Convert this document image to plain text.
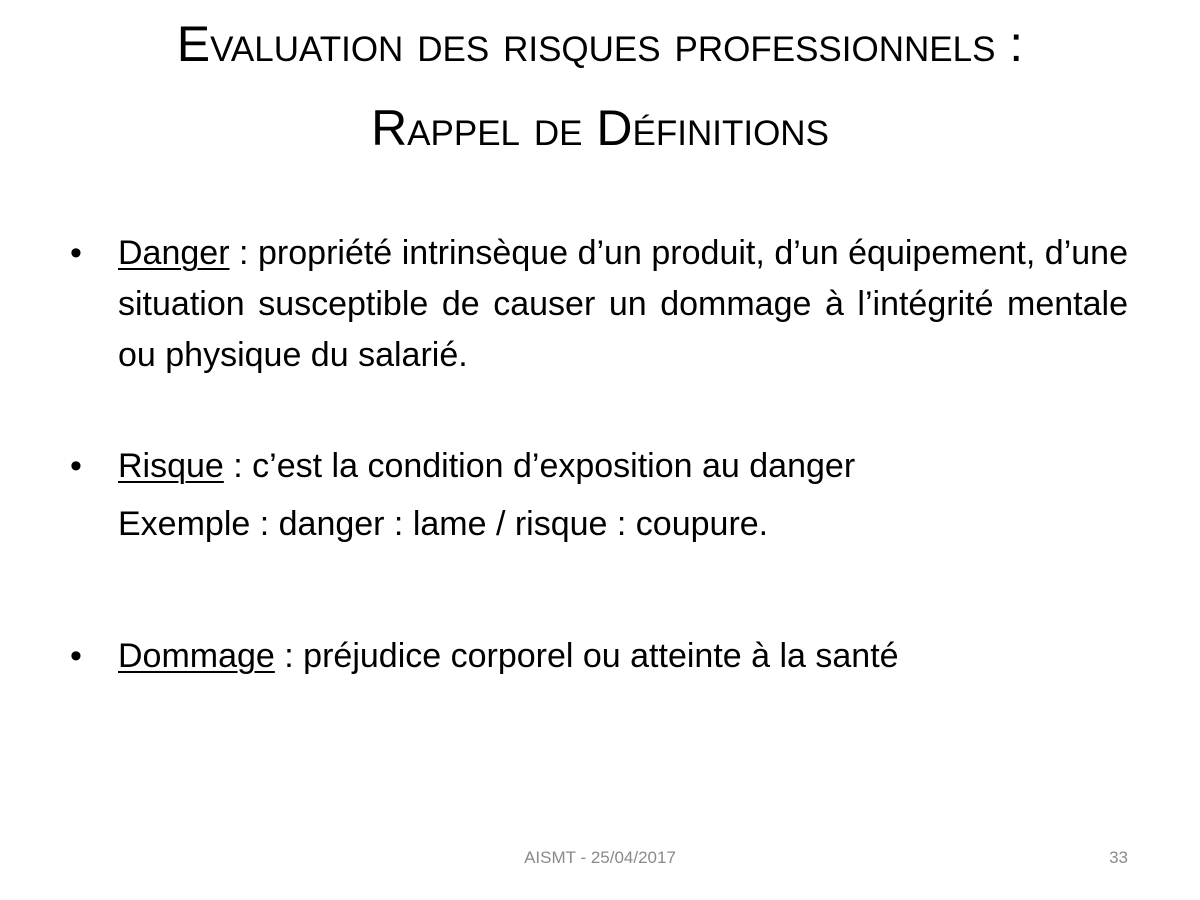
Evaluation des risques professionnels :
Rappel de Définitions
•	Danger : propriété intrinsèque d’un produit, d’un équipement, d’une situation susceptible de causer un dommage à l’intégrité mentale ou physique du salarié.
•	Risque : c’est la condition d’exposition au danger
Exemple : danger : lame / risque : coupure.
•	Dommage : préjudice corporel ou atteinte à la santé
AISMT - 25/04/2017	33
